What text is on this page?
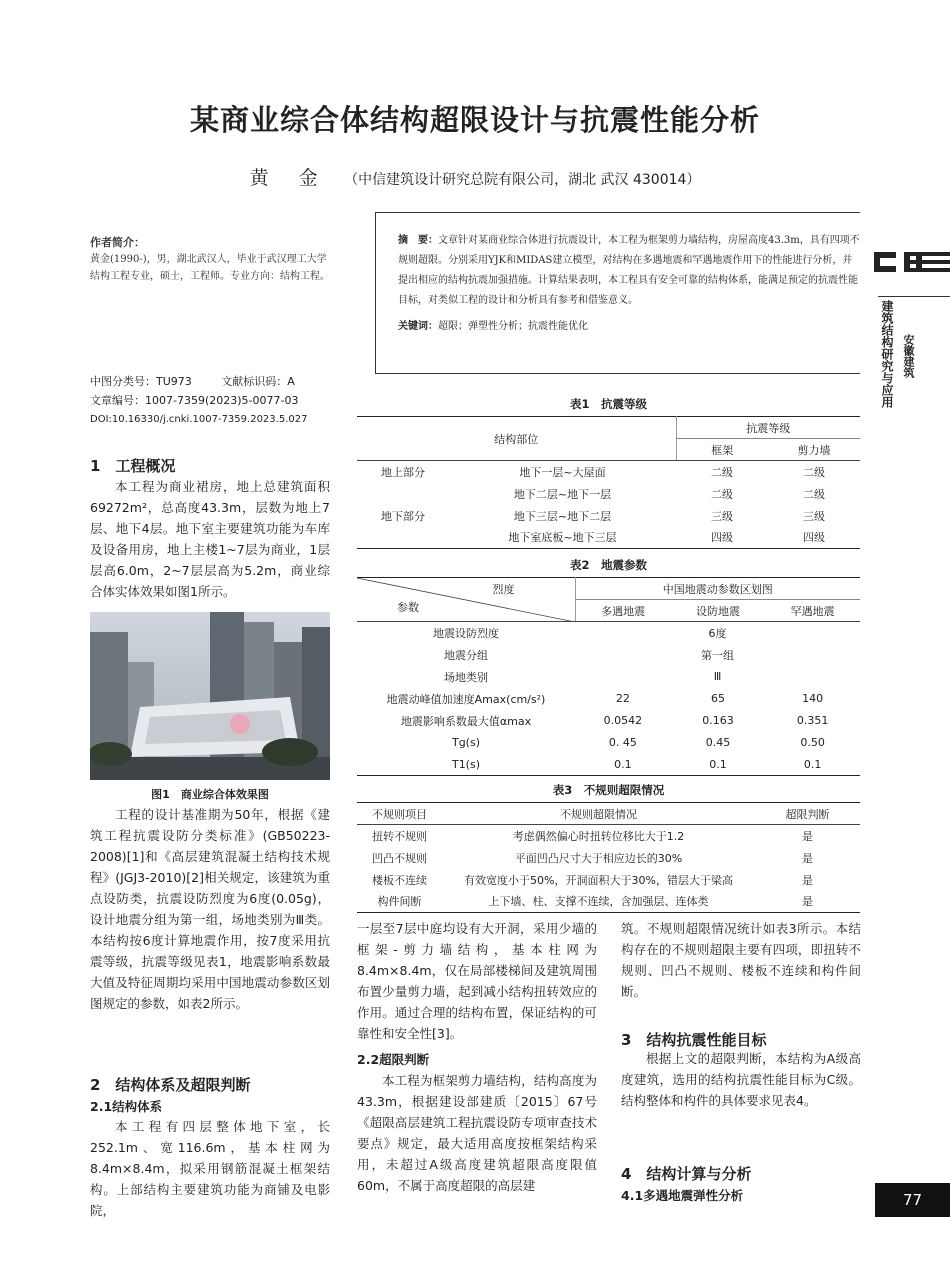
某商业综合体结构超限设计与抗震性能分析
黄 金 （中信建筑设计研究总院有限公司，湖北 武汉 430014）
作者简介：
黄金(1990-)，男，湖北武汉人，毕业于武汉理工大学结构工程专业，硕士，工程师。专业方向：结构工程。
中图分类号：TU973	文献标识码：A
文章编号：1007-7359(2023)5-0077-03
DOI:10.16330/j.cnki.1007-7359.2023.5.027
摘　要：文章针对某商业综合体进行抗震设计，本工程为框架剪力墙结构，房屋高度43.3m，具有四项不规则超限。分别采用YJK和MIDAS建立模型，对结构在多遇地震和罕遇地震作用下的性能进行分析，并提出相应的结构抗震加强措施。计算结果表明，本工程具有安全可靠的结构体系，能满足预定的抗震性能目标，对类似工程的设计和分析具有参考和借鉴意义。
关键词：超限；弹塑性分析；抗震性能优化	建筑结构研究与应用 安徽建筑
1　工程概况

本工程为商业裙房，地上总建筑面积69272m²，总高度43.3m，层数为地上7层、地下4层。地下室主要建筑功能为车库及设备用房，地上主楼1~7层为商业，1层层高6.0m，2~7层层高为5.2m，商业综合体实体效果如图1所示。

图1　商业综合体效果图

工程的设计基准期为50年，根据《建筑工程抗震设防分类标准》(GB50223-2008)[1]和《高层建筑混凝土结构技术规程》(JGJ3-2010)[2]相关规定，该建筑为重点设防类，抗震设防烈度为6度(0.05g)，设计地震分组为第一组，场地类别为Ⅲ类。本结构按6度计算地震作用，按7度采用抗震等级，抗震等级见表1，地震影响系数最大值及特征周期均采用中国地震动参数区划图规定的参数，如表2所示。

2　结构体系及超限判断
2.1结构体系

本工程有四层整体地下室，长252.1m、宽116.6m，基本柱网为8.4m×8.4m，拟采用钢筋混凝土框架结构。上部结构主要建筑功能为商铺及电影院，

表1　抗震等级
结构部位		抗震等级	
		框架	剪力墙
地上部分	地下一层~大屋面	二级	二级
	地下二层~地下一层	二级	二级
地下部分	地下三层~地下二层	三级	三级
	地下室底板~地下三层	四级	四级
表2　地震参数
烈度
参数	中国地震动参数区划图		
	多遇地震	设防地震	罕遇地震
地震设防烈度	6度		
地震分组	第一组		
场地类别	Ⅲ		
地震动峰值加速度Amax(cm/s²)	22	65	140
地震影响系数最大值αmax	0.0542	0.163	0.351
Tg(s)	0. 45	0.45	0.50
T1(s)	0.1	0.1	0.1
表3　不规则超限情况
不规则项目	不规则超限情况	超限判断
扭转不规则	考虑偶然偏心时扭转位移比大于1.2	是
凹凸不规则	平面凹凸尺寸大于相应边长的30%	是
楼板不连续	有效宽度小于50%，开洞面积大于30%，错层大于梁高	是
构件间断	上下墙、柱、支撑不连续，含加强层、连体类	是
一层至7层中庭均设有大开洞，采用少墙的框架-剪力墙结构，基本柱网为8.4m×8.4m，仅在局部楼梯间及建筑周围布置少量剪力墙，起到减小结构扭转效应的作用。通过合理的结构布置，保证结构的可靠性和安全性[3]。
2.2超限判断

本工程为框架剪力墙结构，结构高度为43.3m，根据建设部建质〔2015〕67号《超限高层建筑工程抗震设防专项审查技术要点》规定，最大适用高度按框架结构采用，未超过A级高度建筑超限高度限值60m，不属于高度超限的高层建

筑。不规则超限情况统计如表3所示。本结构存在的不规则超限主要有四项，即扭转不规则、凹凸不规则、楼板不连续和构件间断。
3　结构抗震性能目标

根据上文的超限判断，本结构为A级高度建筑，选用的结构抗震性能目标为C级。结构整体和构件的具体要求见表4。

4　结构计算与分析
4.1多遇地震弹性分析	77
